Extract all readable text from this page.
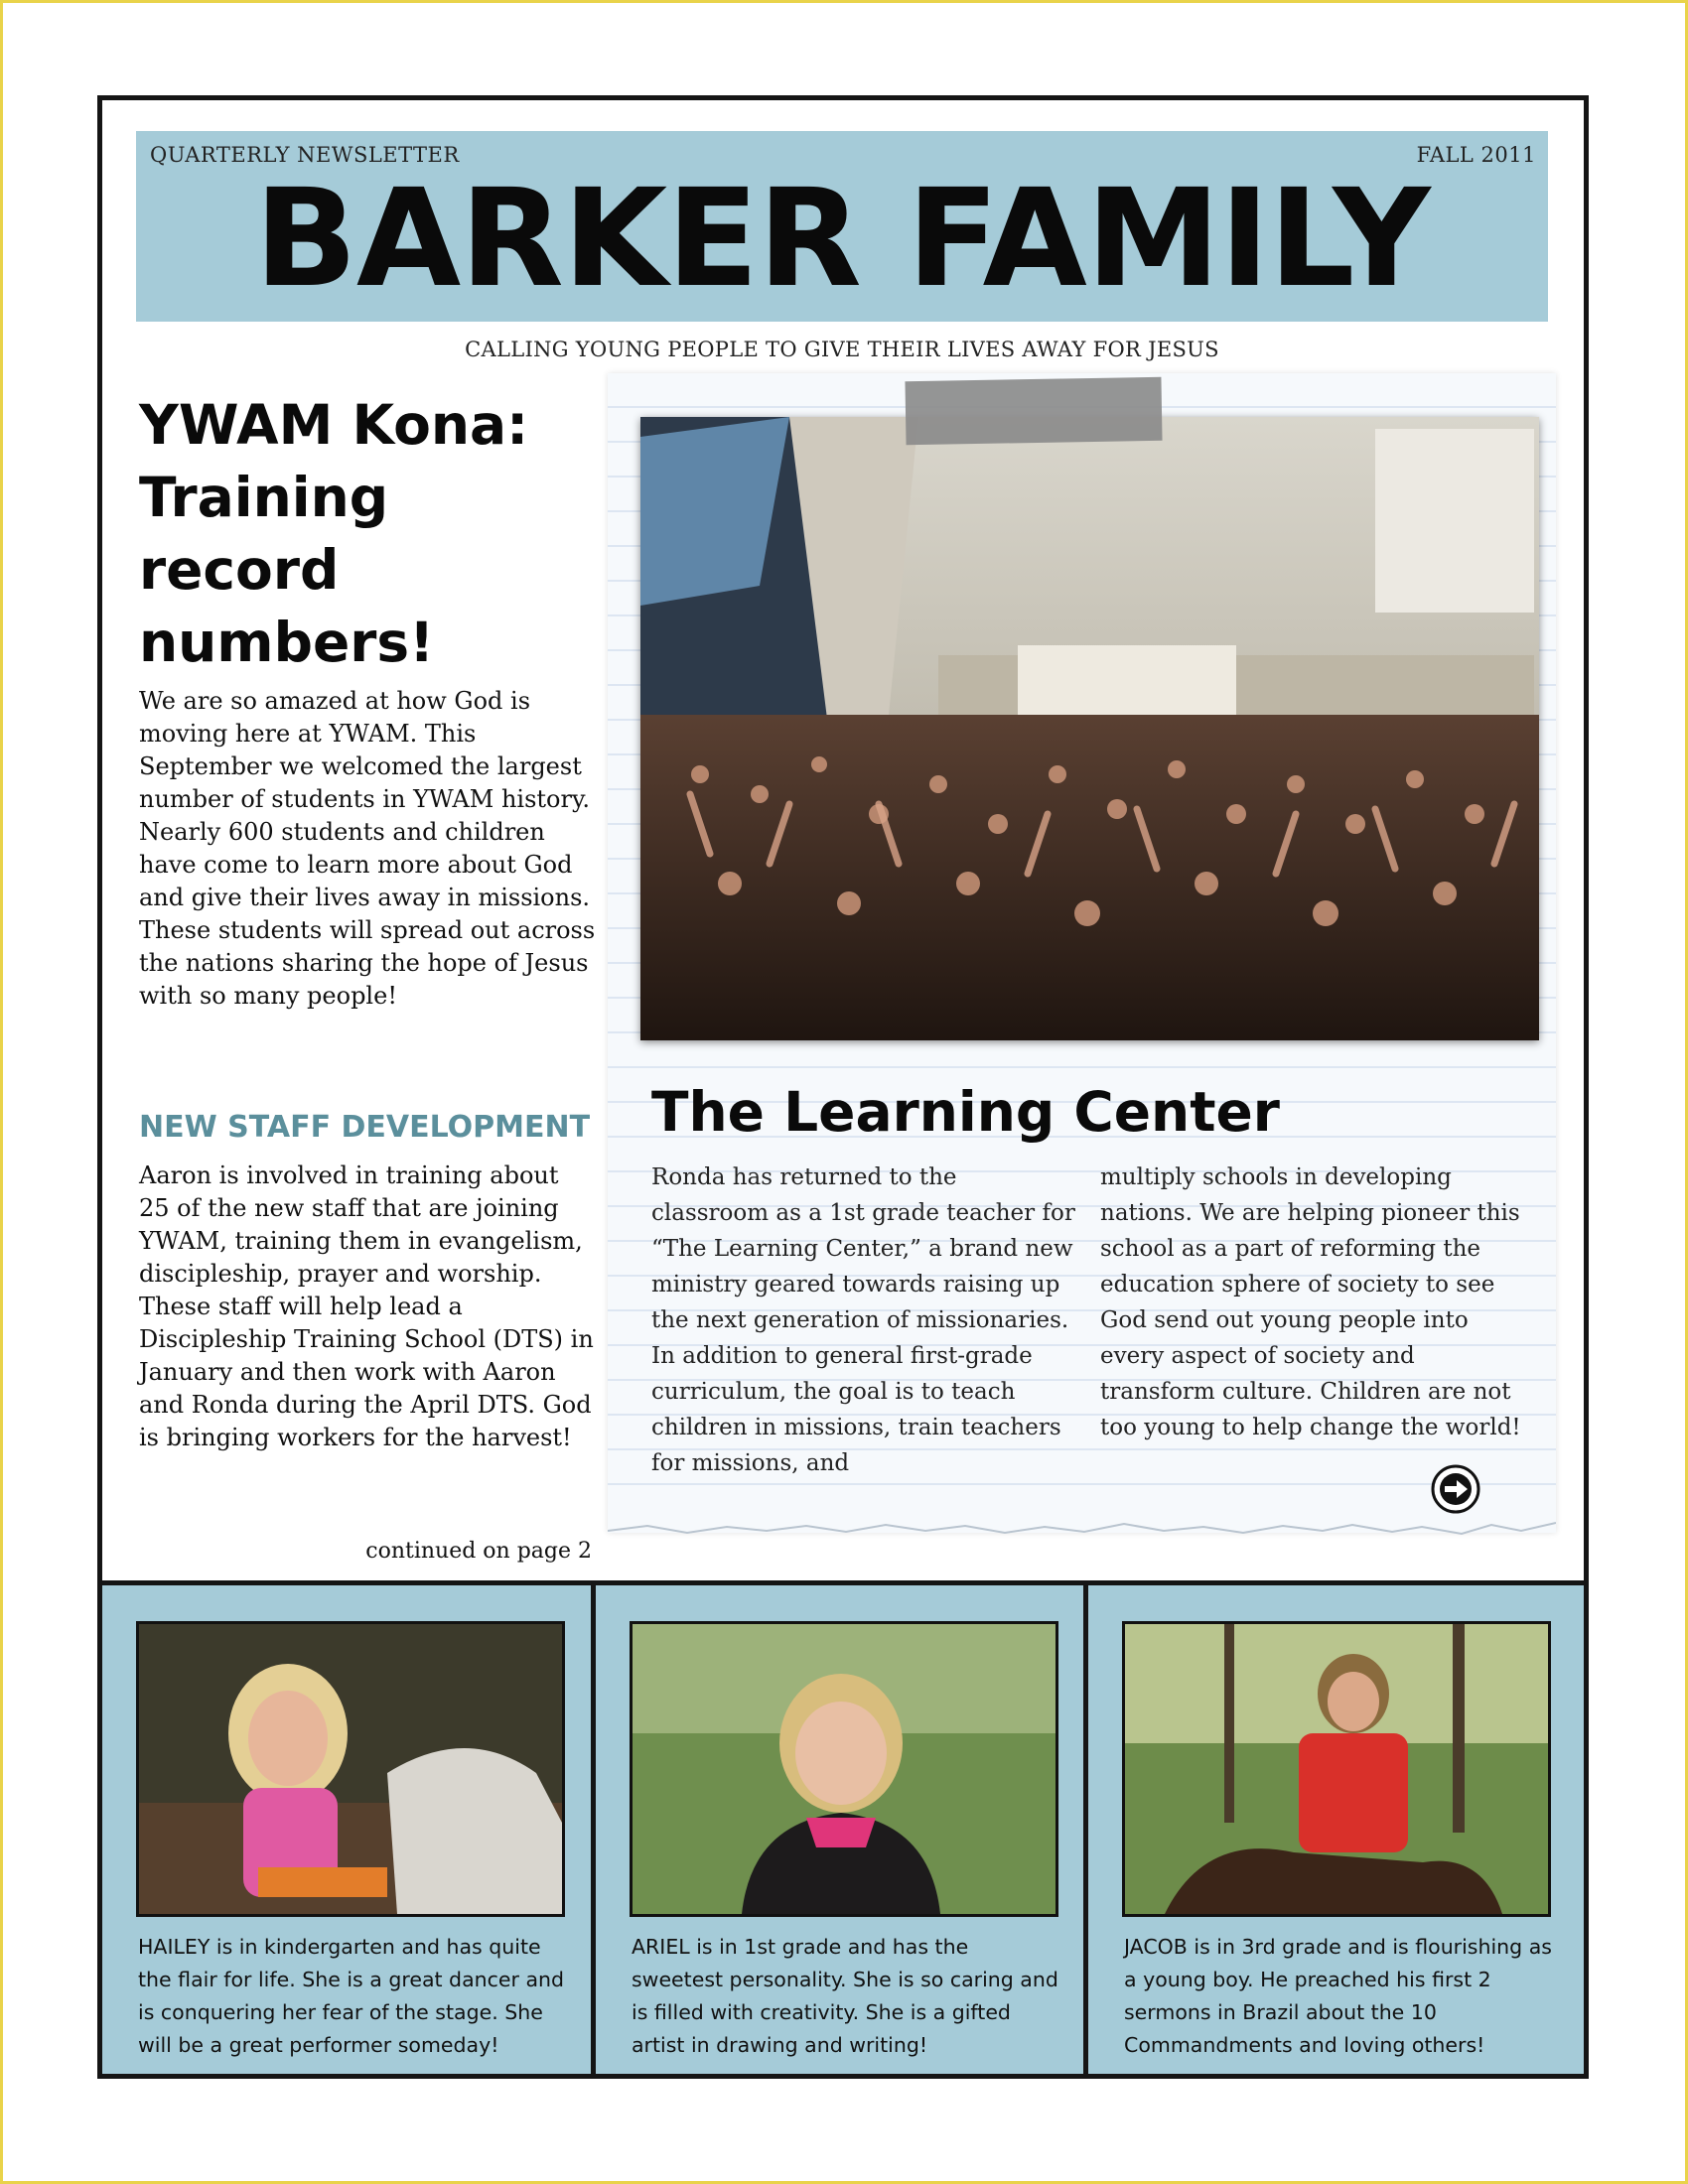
QUARTERLY NEWSLETTER	FALL 2011
BARKER FAMILY
CALLING YOUNG PEOPLE TO GIVE THEIR LIVES AWAY FOR JESUS
YWAM Kona: Training record numbers!

We are so amazed at how God is moving here at YWAM. This September we welcomed the largest number of students in YWAM history. Nearly 600 students and children have come to learn more about God and give their lives away in missions. These students will spread out across the nations sharing the hope of Jesus with so many people!

NEW STAFF DEVELOPMENT

Aaron is involved in training about 25 of the new staff that are joining YWAM, training them in evangelism, discipleship, prayer and worship. These staff will help lead a Discipleship Training School (DTS) in January and then work with Aaron and Ronda during the April DTS. God is bringing workers for the harvest!

continued on page 2
The Learning Center

Ronda has returned to the classroom as a 1st grade teacher for “The Learning Center,” a brand new ministry geared towards raising up the next generation of missionaries. In addition to general first-grade curriculum, the goal is to teach children in missions, train teachers for missions, and

multiply schools in developing nations. We are helping pioneer this school as a part of reforming the education sphere of society to see God send out young people into every aspect of society and transform culture. Children are not too young to help change the world!

HAILEY is in kindergarten and has quite the flair for life. She is a great dancer and is conquering her fear of the stage. She will be a great performer someday!
ARIEL is in 1st grade and has the sweetest personality. She is so caring and is filled with creativity. She is a gifted artist in drawing and writing!
JACOB is in 3rd grade and is flourishing as a young boy. He preached his first 2 sermons in Brazil about the 10 Commandments and loving others!
